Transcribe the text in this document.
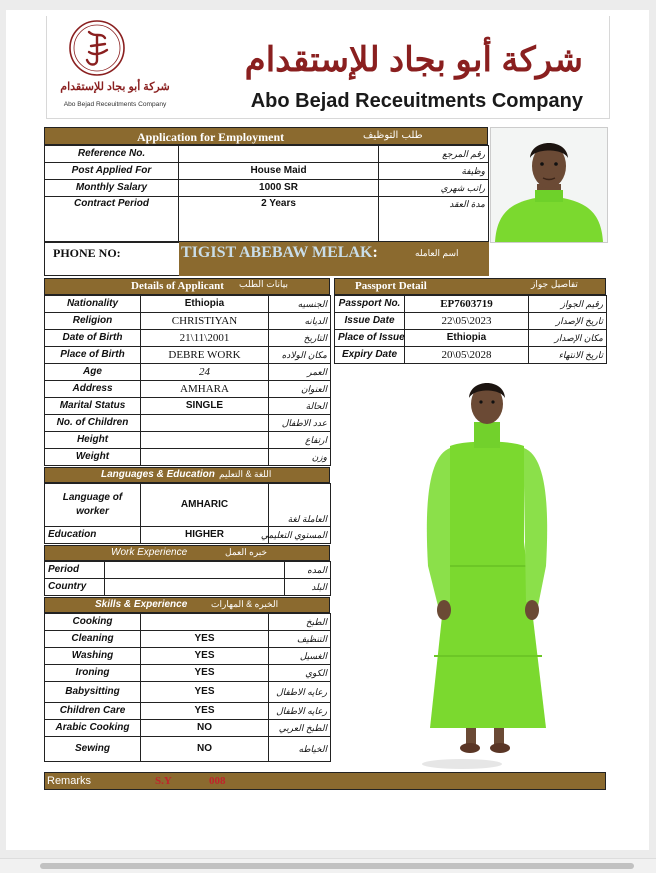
شركة أبو بجاد للإستقدام
Abo Bejad Receuitments Company
شركة أبو بجاد للإستقدام
Abo Bejad Receuitments Company
Application for Employment	طلب التوظيف
Reference No.		رقم المرجع
Post Applied For	House Maid	وظيفة
Monthly Salary	1000 SR	راتب شهري
Contract Period	2 Years	مدة العقد
PHONE NO:	TIGIST ABEBAW MELAK:	اسم العامله
Details of Applicant بيانات الطلب	Passport Detail	تفاصيل جواز
Nationality	Ethiopia	الجنسيه
Religion	CHRISTIYAN	الديانه
Date of Birth	21\11\2001	التاريخ
Place of Birth	DEBRE WORK	مكان الولاده
Age	24	العمر
Address	AMHARA	العنوان
Marital Status	SINGLE	الحالة
No. of Children		عدد الاطفال
Height		ارتفاع
Weight		وزن
Passport No.	EP7603719	رقيم الجواز
Issue Date	22\05\2023	تاريخ الإصدار
Place of Issue	Ethiopia	مكان الإصدار
Expiry Date	20\05\2028	تاريخ الانتهاء
Languages & Education اللغة & التعليم
Language of worker	AMHARIC	العاملة لغة
Education	HIGHER	المستوي التعليمي
Work Experience	خبره العمل
Period		المده
Country		البلد
Skills & Experience	الخبره & المهارات
Cooking		الطبخ
Cleaning	YES	التنظيف
Washing	YES	الغسيل
Ironing	YES	الكوي
Babysitting	YES	رعايه الاطفال
Children Care	YES	رعايه الاطفال
Arabic Cooking	NO	الطبخ العربي
Sewing	NO	الخياطه
Remarks	S.Y	008
